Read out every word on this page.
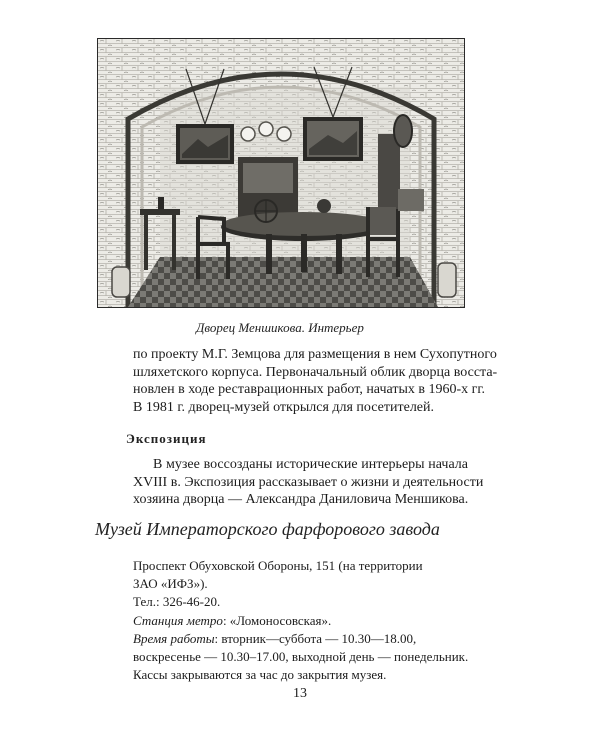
Дворец Меншикова. Интерьер
по проекту М.Г. Земцова для размещения в нем Сухопутного
шляхетского корпуса. Первоначальный облик дворца восста-
новлен в ходе реставрационных работ, начатых в 1960-х гг.
В 1981 г. дворец-музей открылся для посетителей.
Экспозиция
В музее воссозданы исторические интерьеры начала
XVIII в. Экспозиция рассказывает о жизни и деятельности
хозяина дворца — Александра Даниловича Меншикова.
Музей Императорского фарфорового завода
Проспект Обуховской Обороны, 151 (на территории
ЗАО «ИФЗ»).
Тел.: 326-46-20.
Станция метро: «Ломоносовская».
Время работы: вторник—суббота — 10.30—18.00,
воскресенье — 10.30–17.00, выходной день — понедельник.
Кассы закрываются за час до закрытия музея.
13
